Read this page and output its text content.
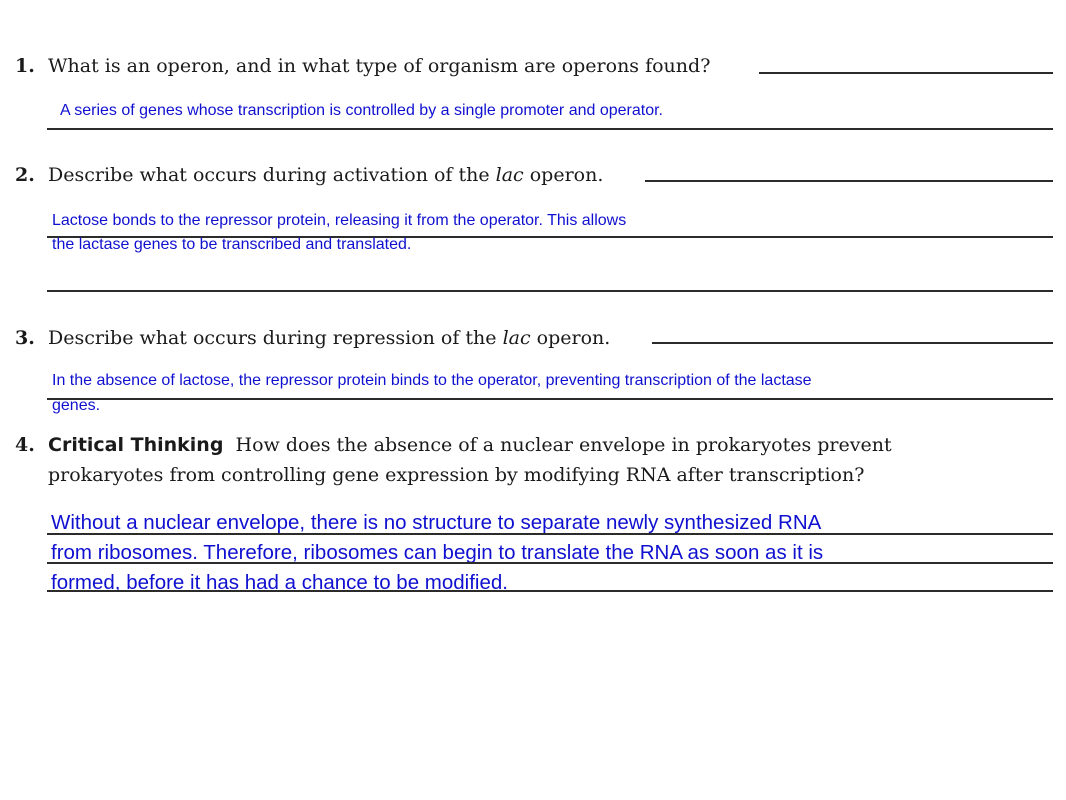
1. What is an operon, and in what type of organism are operons found?
A series of genes whose transcription is controlled by a single promoter and operator.
2. Describe what occurs during activation of the lac operon.
Lactose bonds to the repressor protein, releasing it from the operator. This allows
the lactase genes to be transcribed and translated.
3. Describe what occurs during repression of the lac operon.
In the absence of lactose, the repressor protein binds to the operator, preventing transcription of the lactase
genes.
4. Critical Thinking How does the absence of a nuclear envelope in prokaryotes prevent
prokaryotes from controlling gene expression by modifying RNA after transcription?
Without a nuclear envelope, there is no structure to separate newly synthesized RNA
from ribosomes. Therefore, ribosomes can begin to translate the RNA as soon as it is
formed, before it has had a chance to be modified.
